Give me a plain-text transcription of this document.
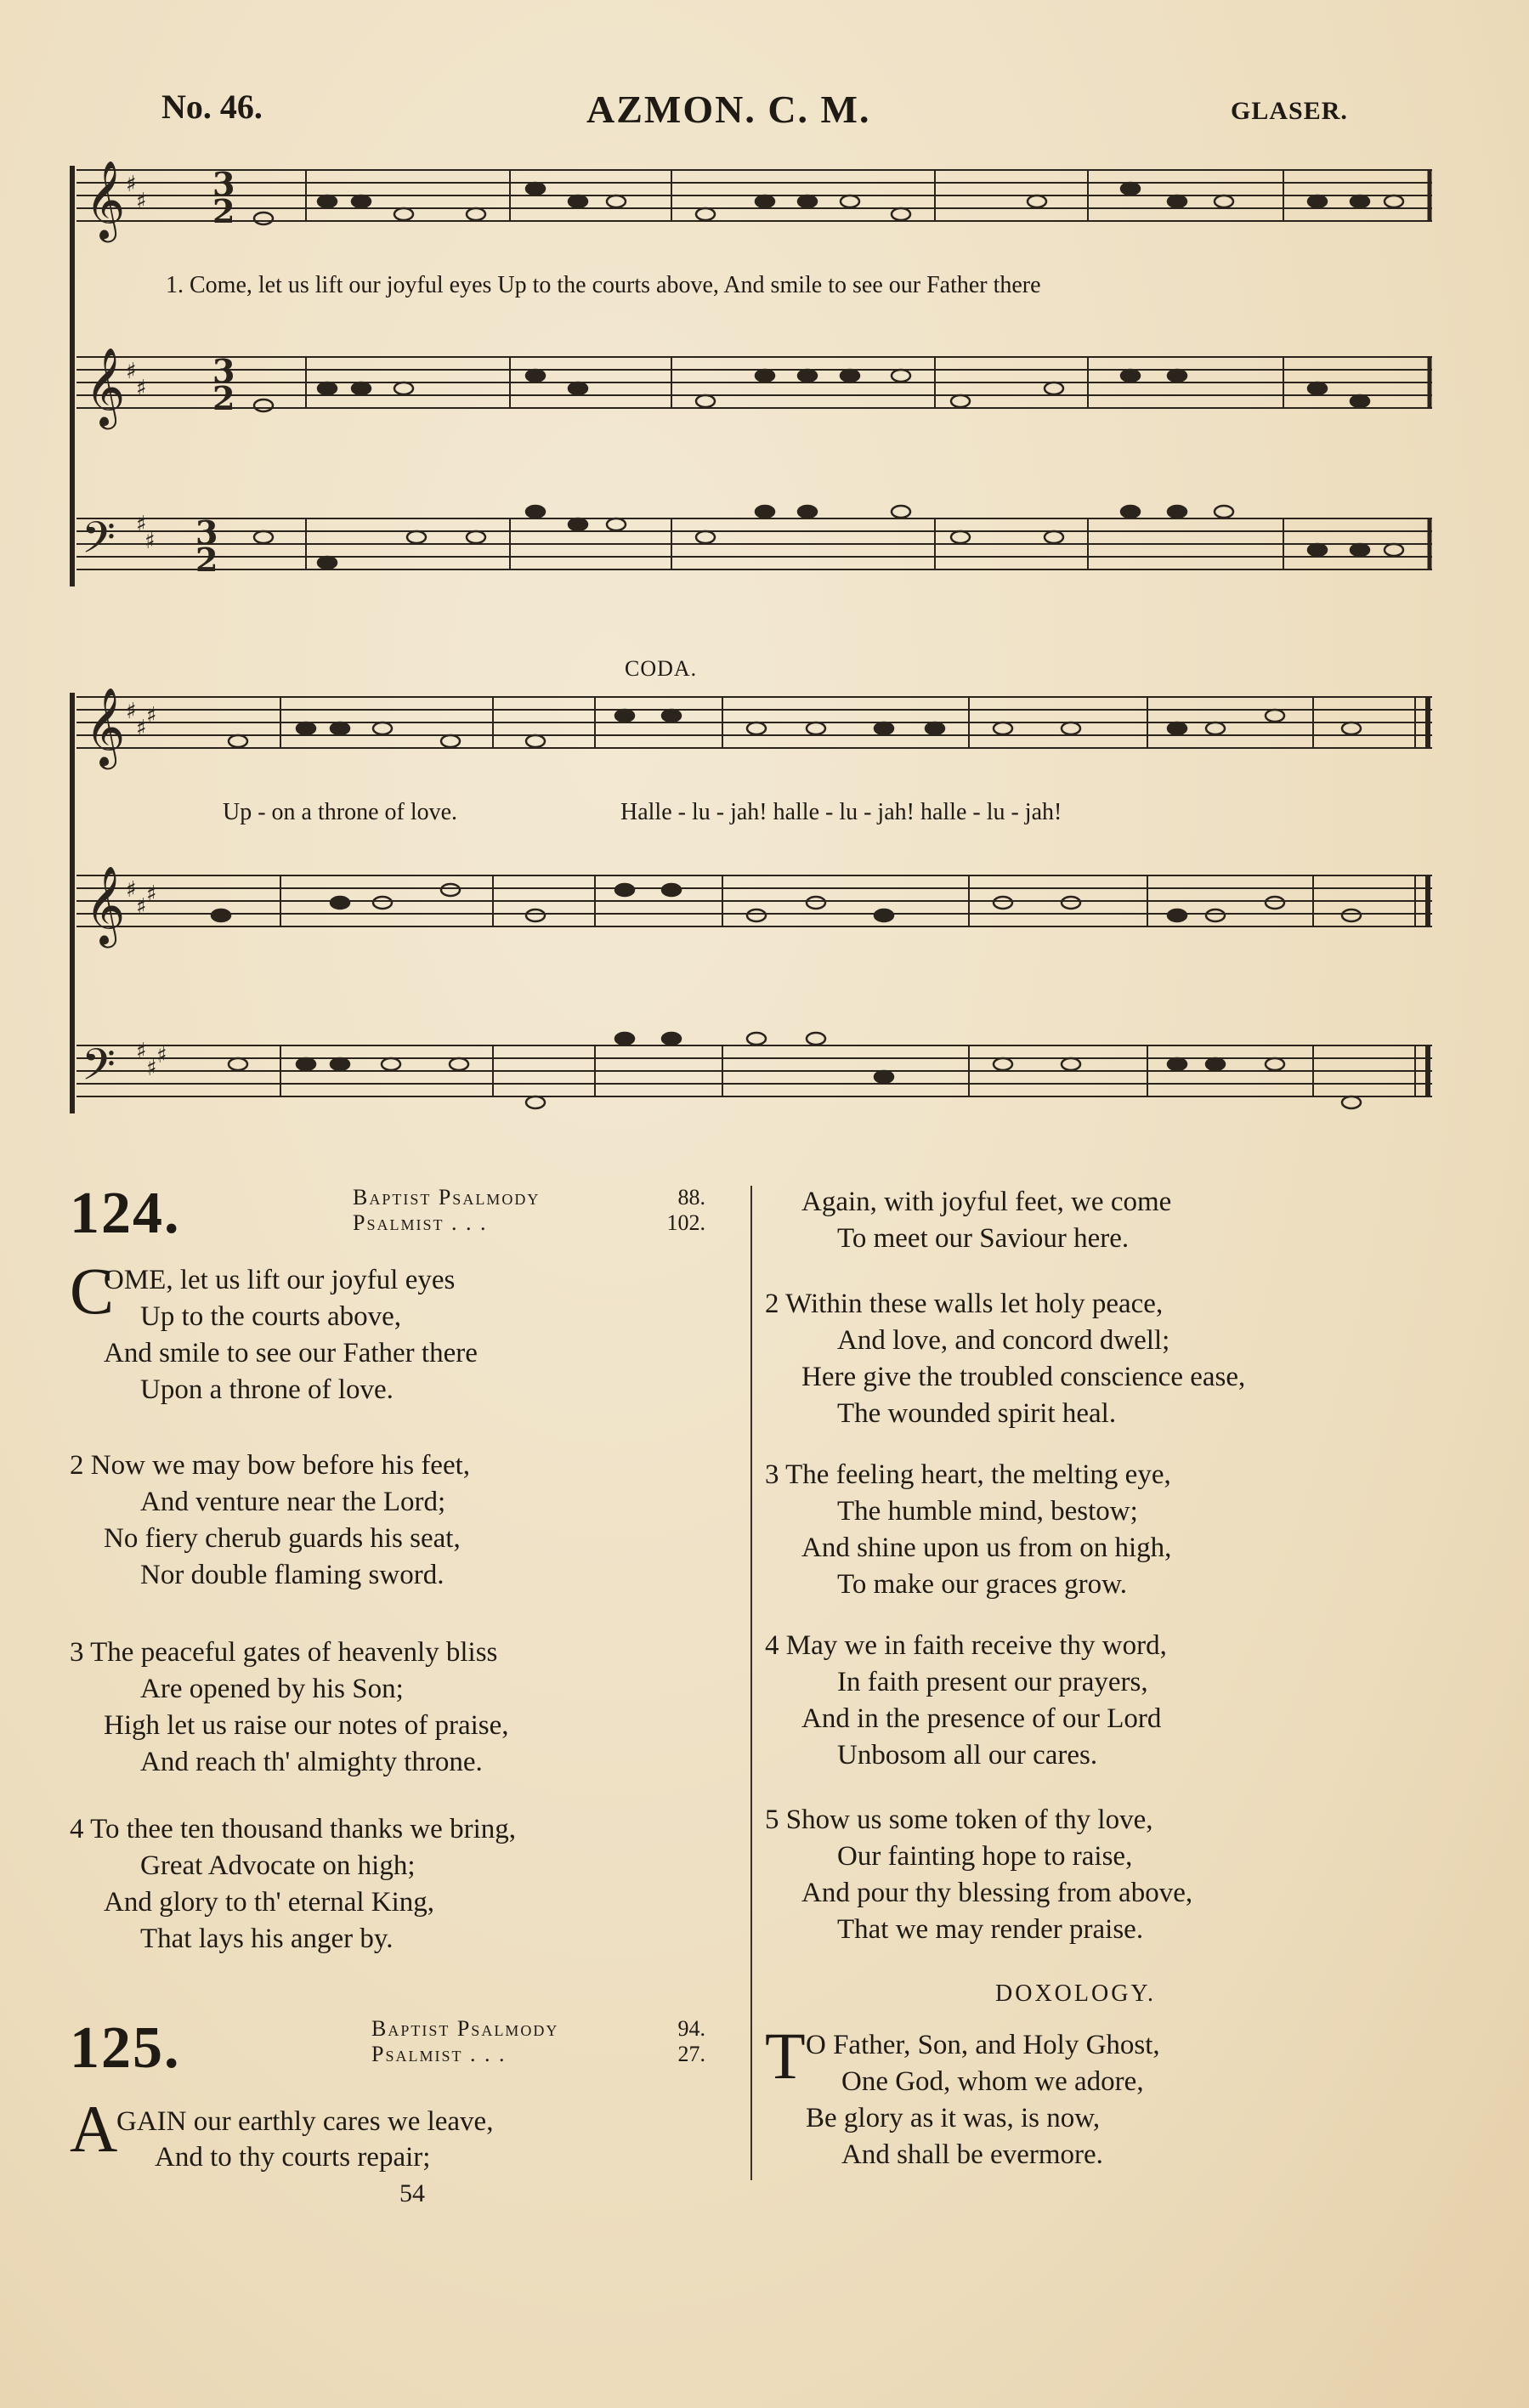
No. 46.	AZMON. C. M.	GLASER.
𝄞
𝄞
𝄢
♯
♯
♯
♯
♯
♯
3
2
3
2
3
2
𝄞
𝄞
𝄢
♯
♯ ♯
♯
♯ ♯
♯
♯ ♯
1. Come, let us lift our joyful eyes Up to the courts above, And smile to see our Father there
CODA.
Up - on a throne of love.	Halle - lu - jah! halle - lu - jah! halle - lu - jah!
124.	Baptist Psalmody	88.
Psalmist . . .	102.
C
OME, let us lift our joyful eyes
Up to the courts above,
And smile to see our Father there
Upon a throne of love.
2 Now we may bow before his feet,
And venture near the Lord;
No fiery cherub guards his seat,
Nor double flaming sword.
3 The peaceful gates of heavenly bliss
Are opened by his Son;
High let us raise our notes of praise,
And reach th' almighty throne.
4 To thee ten thousand thanks we bring,
Great Advocate on high;
And glory to th' eternal King,
That lays his anger by.
125.	Baptist Psalmody	94.
Psalmist . . .	27.
A
GAIN our earthly cares we leave,
And to thy courts repair;
54
Again, with joyful feet, we come
To meet our Saviour here.
2 Within these walls let holy peace,
And love, and concord dwell;
Here give the troubled conscience ease,
The wounded spirit heal.
3 The feeling heart, the melting eye,
The humble mind, bestow;
And shine upon us from on high,
To make our graces grow.
4 May we in faith receive thy word,
In faith present our prayers,
And in the presence of our Lord
Unbosom all our cares.
5 Show us some token of thy love,
Our fainting hope to raise,
And pour thy blessing from above,
That we may render praise.
DOXOLOGY.
T O Father, Son, and Holy Ghost,
One God, whom we adore,
Be glory as it was, is now,
And shall be evermore.
